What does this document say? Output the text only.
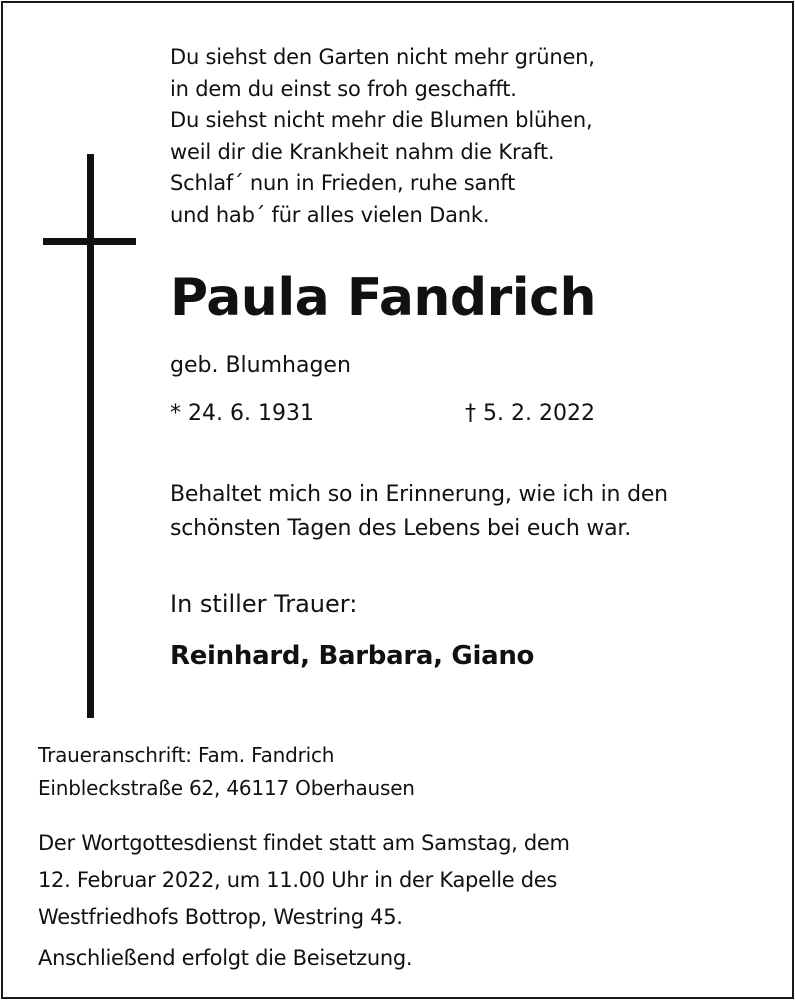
Du siehst den Garten nicht mehr grünen,
in dem du einst so froh geschafft.
Du siehst nicht mehr die Blumen blühen,
weil dir die Krankheit nahm die Kraft.
Schlaf´ nun in Frieden, ruhe sanft
und hab´ für alles vielen Dank.
Paula Fandrich
geb. Blumhagen
* 24. 6. 1931	† 5. 2. 2022
Behaltet mich so in Erinnerung, wie ich in den
schönsten Tagen des Lebens bei euch war.
In stiller Trauer:
Reinhard, Barbara, Giano
Traueranschrift: Fam. Fandrich
Einbleckstraße 62, 46117 Oberhausen
Der Wortgottesdienst findet statt am Samstag, dem
12. Februar 2022, um 11.00 Uhr in der Kapelle des
Westfriedhofs Bottrop, Westring 45.
Anschließend erfolgt die Beisetzung.
